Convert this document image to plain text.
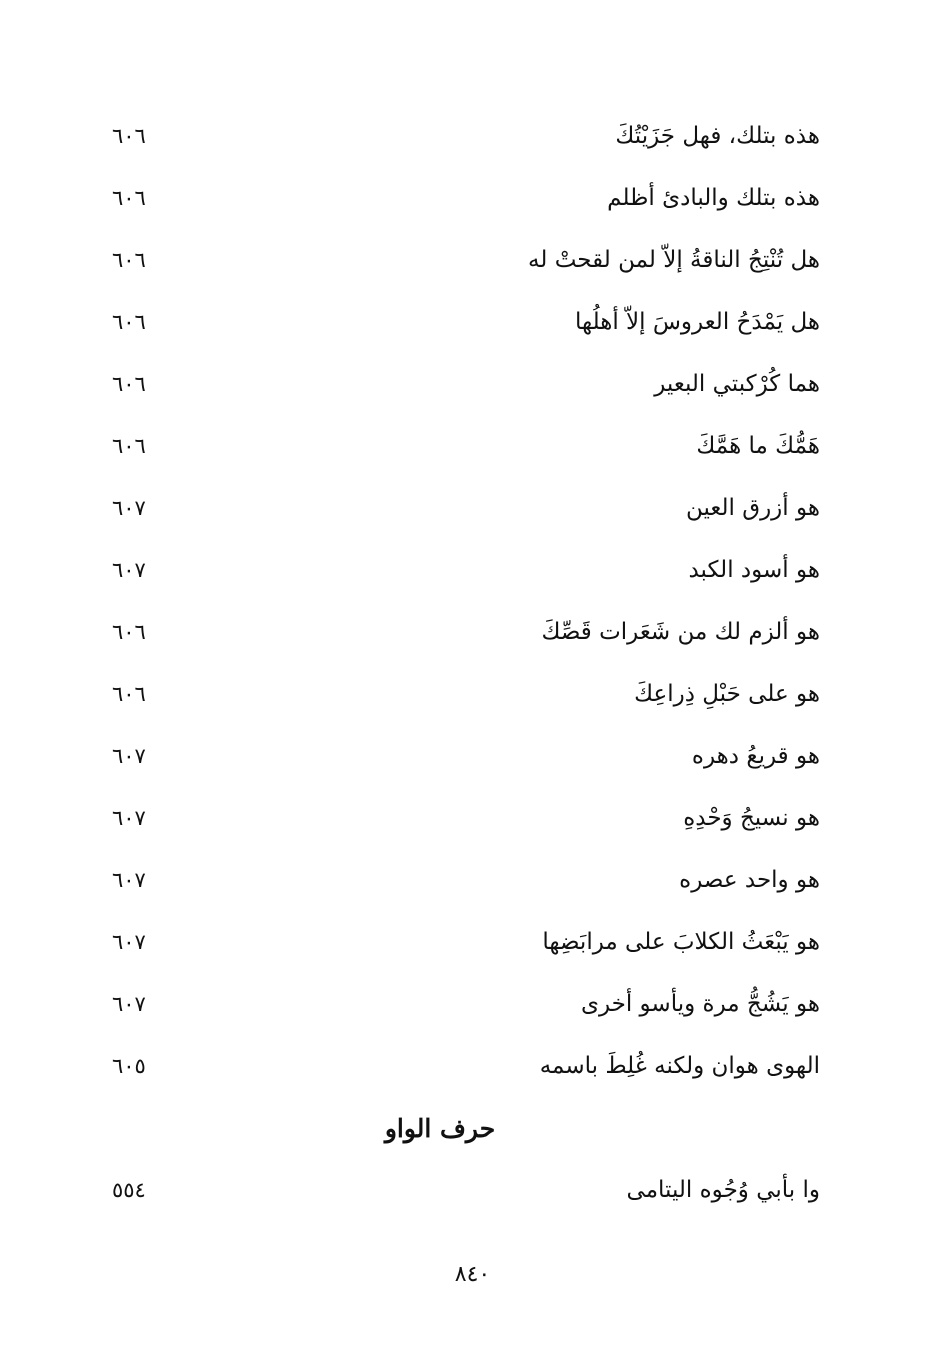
هذه بتلك، فهل جَزَيْتُكَ
٦٠٦
هذه بتلك والبادئ أظلم
٦٠٦
هل تُنْتِجُ الناقةُ إلاّ لمن لقحتْ له
٦٠٦
هل يَمْدَحُ العروسَ إلاّ أهلُها
٦٠٦
هما كُرْكبتي البعير
٦٠٦
هَمُّكَ ما هَمَّكَ
٦٠٦
هو أزرق العين
٦٠٧
هو أسود الكبد
٦٠٧
هو ألزم لك من شَعَرات قَصِّكَ
٦٠٦
هو على حَبْلِ ذِراعِكَ
٦٠٦
هو قريعُ دهره
٦٠٧
هو نسيجُ وَحْدِهِ
٦٠٧
هو واحد عصره
٦٠٧
هو يَبْعَثُ الكلابَ على مرابَضِها
٦٠٧
هو يَشُجُّ مرة ويأسو أخرى
٦٠٧
الهوى هوان ولكنه غُلِطَ باسمه
٦٠٥
حرف الواو
وا بأبي وُجُوه اليتامى
٥٥٤
٨٤٠
